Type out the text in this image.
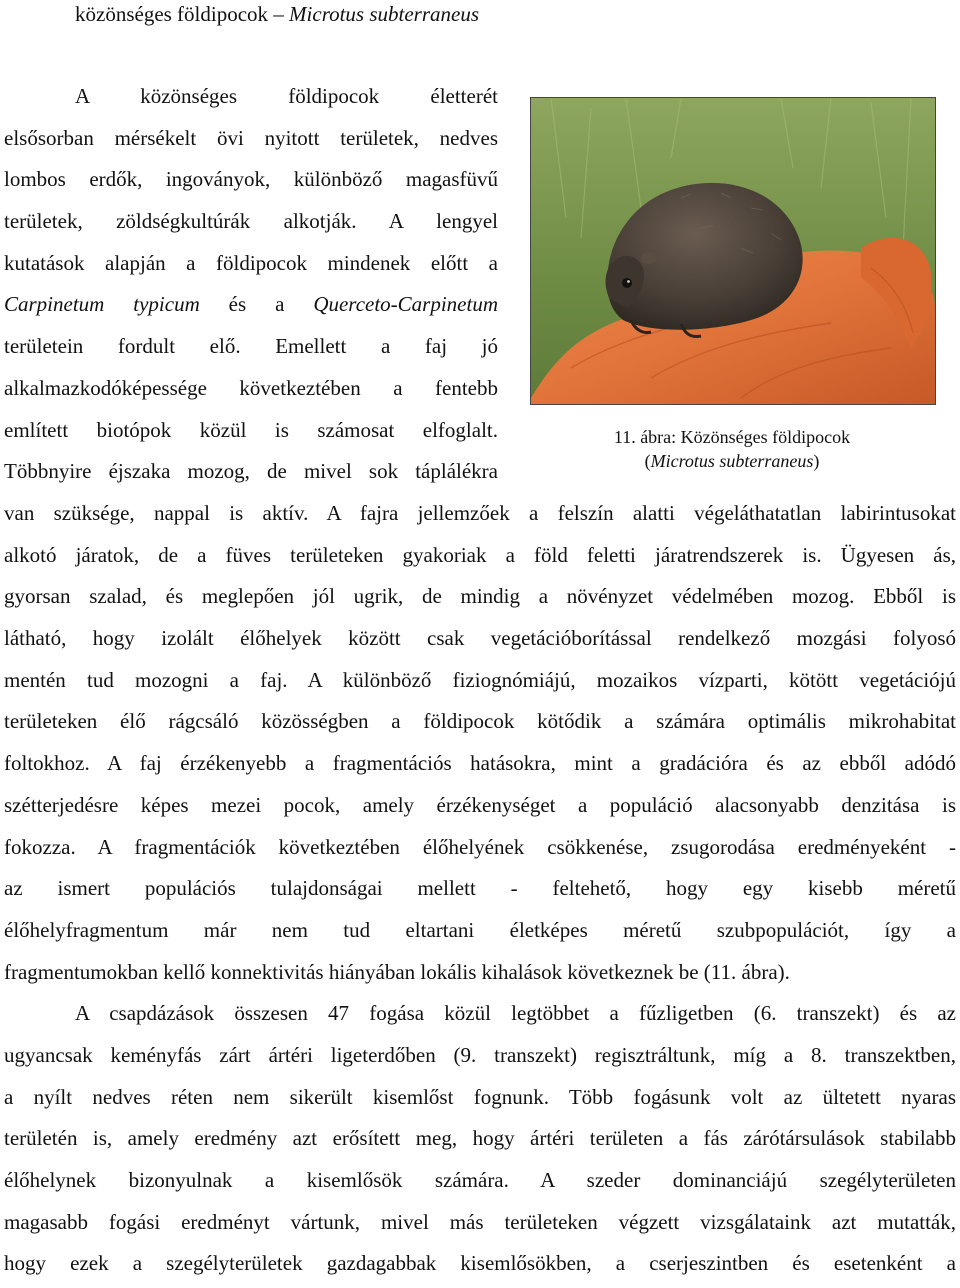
közönséges földipocok – Microtus subterraneus
A közönséges földipocok életterét
elsősorban mérsékelt övi nyitott területek, nedves
lombos erdők, ingoványok, különböző magasfüvű
területek, zöldségkultúrák alkotják. A lengyel
kutatások alapján a földipocok mindenek előtt a
Carpinetum typicum és a Querceto-Carpinetum
területein fordult elő. Emellett a faj jó
alkalmazkodóképessége következtében a fentebb
említett biotópok közül is számosat elfoglalt.
Többnyire éjszaka mozog, de mivel sok táplálékra
11. ábra: Közönséges földipocok
(Microtus subterraneus)
van szüksége, nappal is aktív. A fajra jellemzőek a felszín alatti végeláthatatlan labirintusokat
alkotó járatok, de a füves területeken gyakoriak a föld feletti járatrendszerek is. Ügyesen ás,
gyorsan szalad, és meglepően jól ugrik, de mindig a növényzet védelmében mozog. Ebből is
látható, hogy izolált élőhelyek között csak vegetációborítással rendelkező mozgási folyosó
mentén tud mozogni a faj. A különböző fiziognómiájú, mozaikos vízparti, kötött vegetációjú
területeken élő rágcsáló közösségben a földipocok kötődik a számára optimális mikrohabitat
foltokhoz. A faj érzékenyebb a fragmentációs hatásokra, mint a gradációra és az ebből adódó
szétterjedésre képes mezei pocok, amely érzékenységet a populáció alacsonyabb denzitása is
fokozza. A fragmentációk következtében élőhelyének csökkenése, zsugorodása eredményeként -
az ismert populációs tulajdonságai mellett - feltehető, hogy egy kisebb méretű
élőhelyfragmentum már nem tud eltartani életképes méretű szubpopulációt, így a
fragmentumokban kellő konnektivitás hiányában lokális kihalások következnek be (11. ábra).
A csapdázások összesen 47 fogása közül legtöbbet a fűzligetben (6. transzekt) és az
ugyancsak keményfás zárt ártéri ligeterdőben (9. transzekt) regisztráltunk, míg a 8. transzektben,
a nyílt nedves réten nem sikerült kisemlőst fognunk. Több fogásunk volt az ültetett nyaras
területén is, amely eredmény azt erősített meg, hogy ártéri területen a fás zárótársulások stabilabb
élőhelynek bizonyulnak a kisemlősök számára. A szeder dominanciájú szegélyterületen
magasabb fogási eredményt vártunk, mivel más területeken végzett vizsgálataink azt mutatták,
hogy ezek a szegélyterületek gazdagabbak kisemlősökben, a cserjeszintben és esetenként a
